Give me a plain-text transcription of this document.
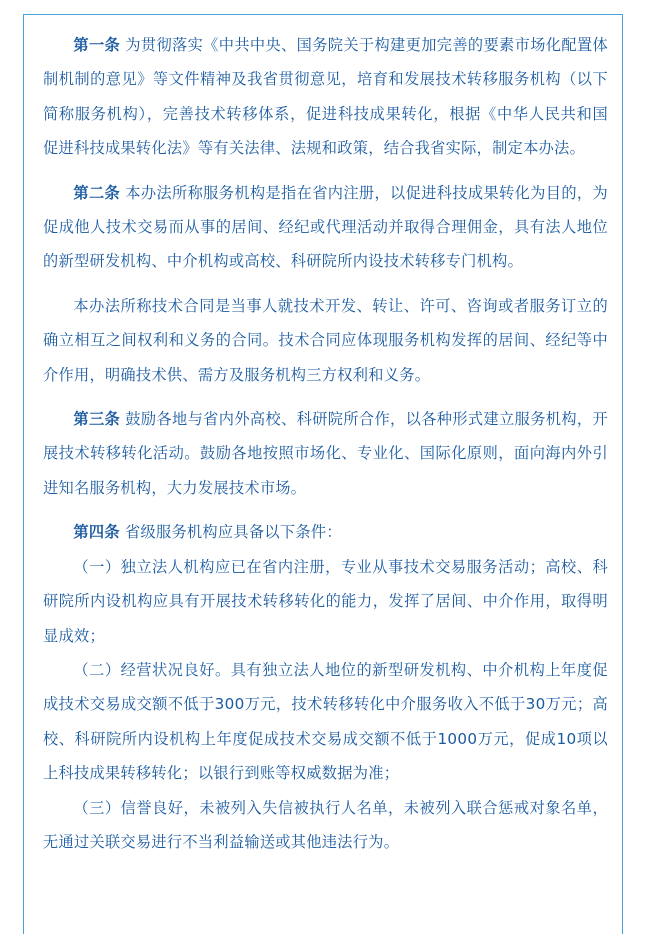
第一条 为贯彻落实《中共中央、国务院关于构建更加完善的要素市场化配置体制机制的意见》等文件精神及我省贯彻意见，培育和发展技术转移服务机构（以下简称服务机构），完善技术转移体系，促进科技成果转化，根据《中华人民共和国促进科技成果转化法》等有关法律、法规和政策，结合我省实际，制定本办法。

第二条 本办法所称服务机构是指在省内注册，以促进科技成果转化为目的，为促成他人技术交易而从事的居间、经纪或代理活动并取得合理佣金，具有法人地位的新型研发机构、中介机构或高校、科研院所内设技术转移专门机构。

本办法所称技术合同是当事人就技术开发、转让、许可、咨询或者服务订立的确立相互之间权利和义务的合同。技术合同应体现服务机构发挥的居间、经纪等中介作用，明确技术供、需方及服务机构三方权利和义务。

第三条 鼓励各地与省内外高校、科研院所合作，以各种形式建立服务机构，开展技术转移转化活动。鼓励各地按照市场化、专业化、国际化原则，面向海内外引进知名服务机构，大力发展技术市场。

第四条 省级服务机构应具备以下条件：

（一）独立法人机构应已在省内注册，专业从事技术交易服务活动；高校、科研院所内设机构应具有开展技术转移转化的能力，发挥了居间、中介作用，取得明显成效；

（二）经营状况良好。具有独立法人地位的新型研发机构、中介机构上年度促成技术交易成交额不低于300万元，技术转移转化中介服务收入不低于30万元；高校、科研院所内设机构上年度促成技术交易成交额不低于1000万元，促成10项以上科技成果转移转化；以银行到账等权威数据为准；

（三）信誉良好，未被列入失信被执行人名单，未被列入联合惩戒对象名单，无通过关联交易进行不当利益输送或其他违法行为。
